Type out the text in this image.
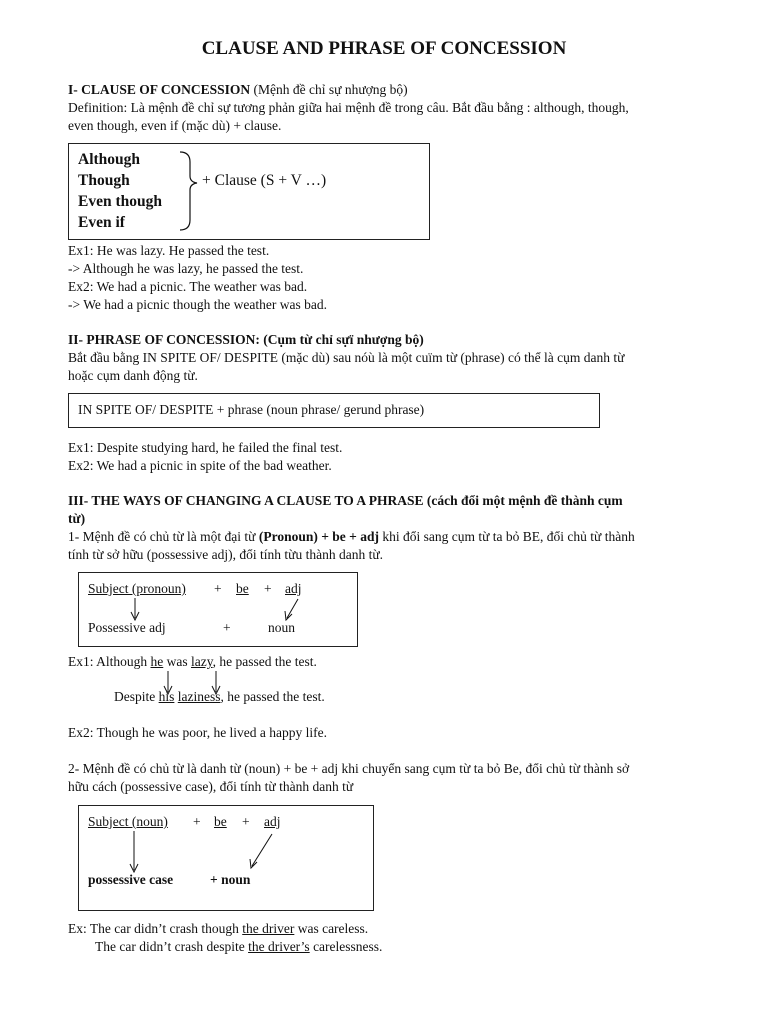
CLAUSE AND PHRASE OF CONCESSION
I- CLAUSE OF CONCESSION (Mệnh đề chỉ sự nhượng bộ)
Definition: Là mệnh đề chỉ sự tương phản giữa hai mệnh đề trong câu. Bắt đầu bằng : although, though,
even though, even if (mặc dù) + clause.
Although
Though
Even though
Even if
+ Clause (S + V …)
Ex1: He was lazy. He passed the test.
-> Although he was lazy, he passed the test.
Ex2: We had a picnic. The weather was bad.
-> We had a picnic though the weather was bad.
II- PHRASE OF CONCESSION: (Cụm từ chỉ sựï nhượng bộ)
Bắt đầu bằng IN SPITE OF/ DESPITE (mặc dù) sau nóù là một cuïm từ (phrase) có thể là cụm danh từ
hoặc cụm danh động từ.
IN SPITE OF/ DESPITE + phrase (noun phrase/ gerund phrase)
Ex1: Despite studying hard, he failed the final test.
Ex2: We had a picnic in spite of the bad weather.
III- THE WAYS OF CHANGING A CLAUSE TO A PHRASE (cách đổi một mệnh đề thành cụm
từ)
1- Mệnh đề có chủ từ là một đại từ (Pronoun) + be + adj khi đổi sang cụm từ ta bỏ BE, đổi chủ từ thành
tính từ sở hữu (possessive adj), đổi tính từu thành danh từ.
Subject (pronoun) + be + adj
Possessive adj	+	noun
Ex1: Although he was lazy, he passed the test.
Despite his laziness, he passed the test.
Ex2: Though he was poor, he lived a happy life.
2- Mệnh đề có chủ từ là danh từ (noun) + be + adj khi chuyển sang cụm từ ta bỏ Be, đổi chủ từ thành sở
hữu cách (possessive case), đổi tính từ thành danh từ
Subject (noun) + be + adj
possessive case	+ noun
Ex: The car didn’t crash though the driver was careless.
The car didn’t crash despite the driver’s carelessness.
